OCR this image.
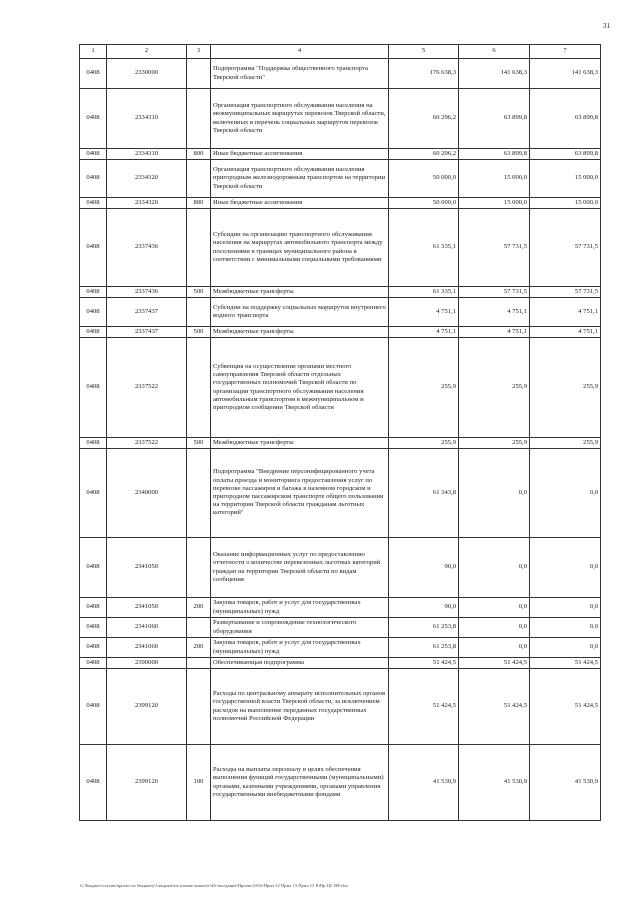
31
1	2	3	4	5	6	7
0408	2330000		Подпрограмма "Поддержка общественного транспорта Тверской области"	176 638,3	141 638,3	141 638,3
0408	2334310		Организация транспортного обслуживания населения на межмуниципальных маршрутах перевозок Тверской области, включенных в перечень социальных маршрутов перевозок Тверской области	60 296,2	63 899,8	63 899,8
0408	2334310	800	Иные бюджетные ассигнования	60 296,2	63 899,8	63 899,8
0408	2334320		Организация транспортного обслуживания населения пригородным железнодорожным транспортом на территории Тверской области	50 000,0	15 000,0	15 000,0
0408	2334320	800	Иные бюджетные ассигнования	50 000,0	15 000,0	15 000,0
0408	2337436		Субсидии на организацию транспортного обслуживания населения на маршрутах автомобильного транспорта между поселениями в границах муниципального района в соответствии с минимальными социальными требованиями	61 335,1	57 731,5	57 731,5
0408	2337436	500	Межбюджетные трансферты	61 335,1	57 731,5	57 731,5
0408	2337437		Субсидии на поддержку социальных маршрутов внутреннего водного транспорта	4 751,1	4 751,1	4 751,1
0408	2337437	500	Межбюджетные трансферты	4 751,1	4 751,1	4 751,1
0408	2337522		Субвенция на осуществление органами местного самоуправления Тверской области отдельных государственных полномочий Тверской области по организации транспортного обслуживания населения автомобильным транспортом в межмуниципальном и пригородном сообщении Тверской области	255,9	255,9	255,9
0408	2337522	500	Межбюджетные трансферты	255,9	255,9	255,9
0408	2340000		Подпрограмма "Внедрение персонифицированного учета оплаты проезда и мониторинга предоставления услуг по перевозке пассажиров и багажа в наземном городском и пригородном пассажирском транспорте общего пользования на территории Тверской области гражданам льготных категорий"	61 343,8	0,0	0,0
0408	2341050		Оказание информационных услуг по предоставлению отчетности о количестве перевезенных льготных категорий граждан на территории Тверской области по видам сообщения	90,0	0,0	0,0
0408	2341050	200	Закупка товаров, работ и услуг для государственных (муниципальных) нужд	90,0	0,0	0,0
0408	2341060		Развертывание и сопровождение технологического оборудования	61 253,8	0,0	0,0
0408	2341060	200	Закупка товаров, работ и услуг для государственных (муниципальных) нужд	61 253,8	0,0	0,0
0408	2390000		Обеспечивающая подпрограмма	51 424,5	51 424,5	51 424,5
0408	2399120		Расходы по центральному аппарату исполнительных органов государственной власти Тверской области, за исключением расходов на выполнение переданных государственных полномочий Российской Федерации	51 424,5	51 424,5	51 424,5
0408	2399120	100	Расходы на выплаты персоналу в целях обеспечения выполнения функций государственными (муниципальными) органами, казенными учреждениями, органами управления государственными внебюджетными фондами	41 530,9	41 530,9	41 530,9
G:\Бюджет\сессия\проект по бюджету\Сводные\на чтение комитет\46-заседание\Проект\2016\Прил 12 Прил 13 Прил 12 РзПр ЦС ВР.xlsx
